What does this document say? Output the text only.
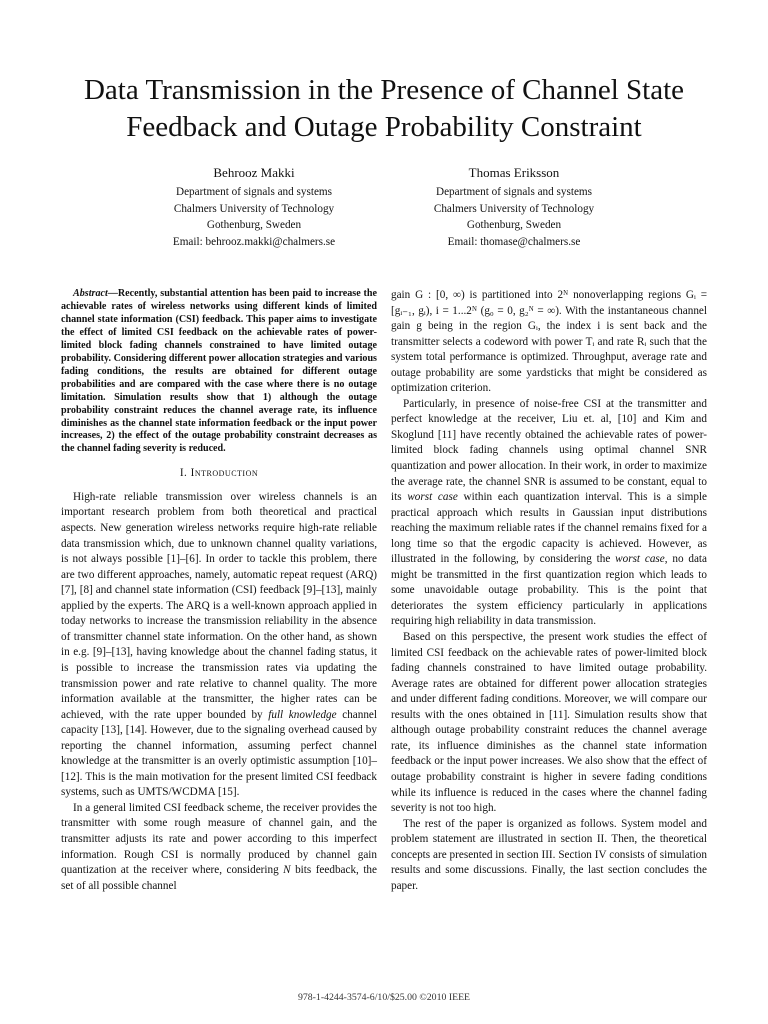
Data Transmission in the Presence of Channel State
Feedback and Outage Probability Constraint
Behrooz Makki
Department of signals and systems
Chalmers University of Technology
Gothenburg, Sweden
Email: behrooz.makki@chalmers.se
Thomas Eriksson
Department of signals and systems
Chalmers University of Technology
Gothenburg, Sweden
Email: thomase@chalmers.se

Abstract—Recently, substantial attention has been paid to increase the achievable rates of wireless networks using different kinds of limited channel state information (CSI) feedback. This paper aims to investigate the effect of limited CSI feedback on the achievable rates of power-limited block fading channels constrained to have limited outage probability. Considering different power allocation strategies and various fading conditions, the results are obtained for different outage probabilities and are compared with the case where there is no outage limitation. Simulation results show that 1) although the outage probability constraint reduces the channel average rate, its influence diminishes as the channel state information feedback or the input power increases, 2) the effect of the outage probability constraint decreases as the channel fading severity is reduced.

I. Introduction

High-rate reliable transmission over wireless channels is an important research problem from both theoretical and practical aspects. New generation wireless networks require high-rate reliable data transmission which, due to unknown channel quality variations, is not always possible [1]–[6]. In order to tackle this problem, there are two different approaches, namely, automatic repeat request (ARQ) [7], [8] and channel state information (CSI) feedback [9]–[13], mainly applied by the experts. The ARQ is a well-known approach applied in today networks to increase the transmission reliability in the absence of transmitter channel state information. On the other hand, as shown in e.g. [9]–[13], having knowledge about the channel fading status, it is possible to increase the transmission rates via updating the transmission power and rate relative to channel quality. The more information available at the transmitter, the higher rates can be achieved, with the rate upper bounded by full knowledge channel capacity [13], [14]. However, due to the signaling overhead caused by reporting the channel information, assuming perfect channel knowledge at the transmitter is an overly optimistic assumption [10]–[12]. This is the main motivation for the present limited CSI feedback systems, such as UMTS/WCDMA [15].

In a general limited CSI feedback scheme, the receiver provides the transmitter with some rough measure of channel gain, and the transmitter adjusts its rate and power according to this imperfect information. Rough CSI is normally produced by channel gain quantization at the receiver where, considering N bits feedback, the set of all possible channel

gain G : [0, ∞) is partitioned into 2ᴺ nonoverlapping regions Gᵢ = [gᵢ₋₁, gᵢ), i = 1...2ᴺ (g₀ = 0, g₂ᴺ = ∞). With the instantaneous channel gain g being in the region Gᵢ, the index i is sent back and the transmitter selects a codeword with power Tᵢ and rate Rᵢ such that the system total performance is optimized. Throughput, average rate and outage probability are some yardsticks that might be considered as optimization criterion.

Particularly, in presence of noise-free CSI at the transmitter and perfect knowledge at the receiver, Liu et. al, [10] and Kim and Skoglund [11] have recently obtained the achievable rates of power-limited block fading channels using optimal channel SNR quantization and power allocation. In their work, in order to maximize the average rate, the channel SNR is assumed to be constant, equal to its worst case within each quantization interval. This is a simple practical approach which results in Gaussian input distributions reaching the maximum reliable rates if the channel remains fixed for a long time so that the ergodic capacity is achieved. However, as illustrated in the following, by considering the worst case, no data might be transmitted in the first quantization region which leads to some unavoidable outage probability. This is the point that deteriorates the system efficiency particularly in applications requiring high reliability in data transmission.

Based on this perspective, the present work studies the effect of limited CSI feedback on the achievable rates of power-limited block fading channels constrained to have limited outage probability. Average rates are obtained for different power allocation strategies and under different fading conditions. Moreover, we will compare our results with the ones obtained in [11]. Simulation results show that although outage probability constraint reduces the channel average rate, its influence diminishes as the channel state information feedback or the input power increases. We also show that the effect of outage probability constraint is higher in severe fading conditions while its influence is reduced in the cases where the channel fading severity is not too high.

The rest of the paper is organized as follows. System model and problem statement are illustrated in section II. Then, the theoretical concepts are presented in section III. Section IV consists of simulation results and some discussions. Finally, the last section concludes the paper.

978-1-4244-3574-6/10/$25.00 ©2010 IEEE
